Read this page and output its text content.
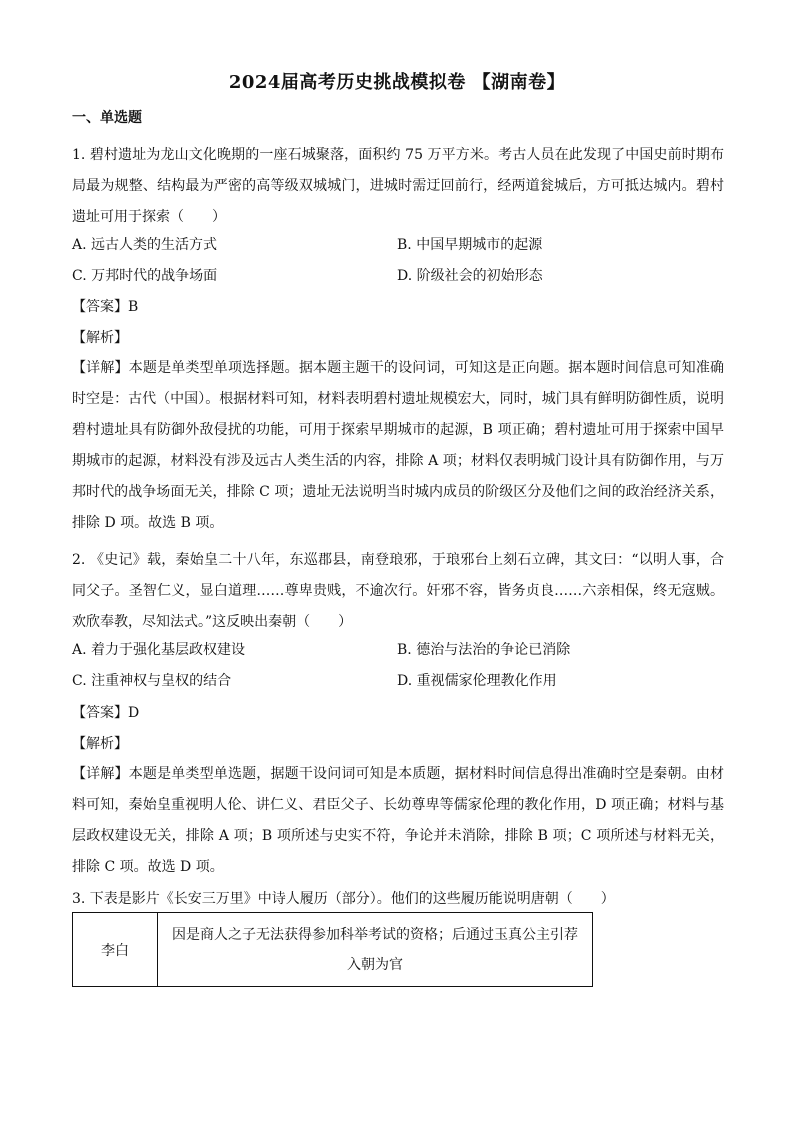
2024届高考历史挑战模拟卷 【湖南卷】
一、单选题

1. 碧村遗址为龙山文化晚期的一座石城聚落，面积约 75 万平方米。考古人员在此发现了中国史前时期布局最为规整、结构最为严密的高等级双城城门，进城时需迂回前行，经两道瓮城后，方可抵达城内。碧村遗址可用于探索（　　）

A. 远古人类的生活方式	B. 中国早期城市的起源
C. 万邦时代的战争场面	D. 阶级社会的初始形态
【答案】B
【解析】

【详解】本题是单类型单项选择题。据本题主题干的设问词，可知这是正向题。据本题时间信息可知准确时空是：古代（中国）。根据材料可知，材料表明碧村遗址规模宏大，同时，城门具有鲜明防御性质，说明碧村遗址具有防御外敌侵扰的功能，可用于探索早期城市的起源，B 项正确；碧村遗址可用于探索中国早期城市的起源，材料没有涉及远古人类生活的内容，排除 A 项；材料仅表明城门设计具有防御作用，与万邦时代的战争场面无关，排除 C 项；遗址无法说明当时城内成员的阶级区分及他们之间的政治经济关系，排除 D 项。故选 B 项。

2. 《史记》载，秦始皇二十八年，东巡郡县，南登琅邪，于琅邪台上刻石立碑，其文曰：“以明人事，合同父子。圣智仁义，显白道理……尊卑贵贱，不逾次行。奸邪不容，皆务贞良……六亲相保，终无寇贼。欢欣奉教，尽知法式。”这反映出秦朝（　　）

A. 着力于强化基层政权建设	B. 德治与法治的争论已消除
C. 注重神权与皇权的结合	D. 重视儒家伦理教化作用
【答案】D
【解析】

【详解】本题是单类型单选题，据题干设问词可知是本质题，据材料时间信息得出准确时空是秦朝。由材料可知，秦始皇重视明人伦、讲仁义、君臣父子、长幼尊卑等儒家伦理的教化作用，D 项正确；材料与基层政权建设无关，排除 A 项；B 项所述与史实不符，争论并未消除，排除 B 项；C 项所述与材料无关，排除 C 项。故选 D 项。

3. 下表是影片《长安三万里》中诗人履历（部分）。他们的这些履历能说明唐朝（　　）

李白	因是商人之子无法获得参加科举考试的资格；后通过玉真公主引荐入朝为官
